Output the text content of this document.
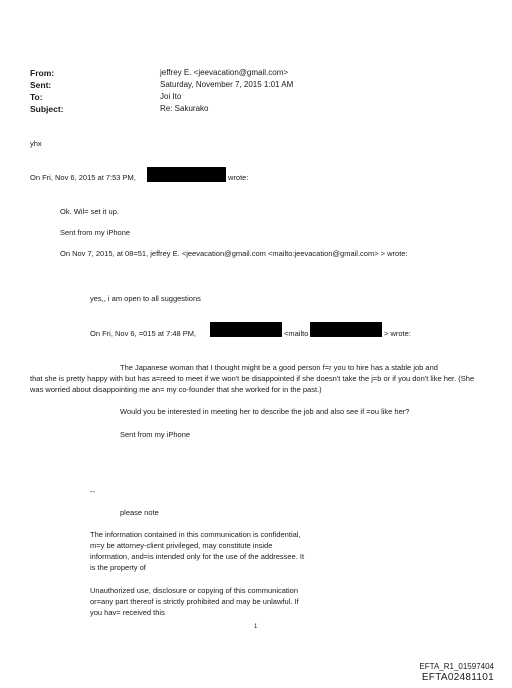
From:	jeffrey E. <jeevacation@gmail.com>
Sent:	Saturday, November 7, 2015 1:01 AM
To:	Joi Ito
Subject:	Re: Sakurako
yhx
On Fri, Nov 6, 2015 at 7:53 PM,	wrote:
Ok. Wil= set it up.
Sent from my iPhone
On Nov 7, 2015, at 08=51, jeffrey E. <jeevacation@gmail.com <mailto:jeevacation@gmail.com> > wrote:
yes,, i am open to all suggestions
On Fri, Nov 6, =015 at 7:48 PM,	<mailto	> wrote:
The Japanese woman that I thought might be a good person f=r you to hire has a stable job and
that she is pretty happy with but has a=reed to meet if we won't be disappointed if she doesn't take the j=b or if you don't like her. (She was worried about disappointing me an= my co-founder that she worked for in the past.)
Would you be interested in meeting her to describe the job and also see if =ou like her?
Sent from my iPhone
--
please note
The information contained in this communication is confidential, m=y be attorney-client privileged, may constitute inside information, and=is intended only for the use of the addressee. It is the property of
Unauthorized use, disclosure or copying of this communication or=any part thereof is strictly prohibited and may be unlawful. If you hav= received this
1
EFTA_R1_01597404
EFTA02481101
